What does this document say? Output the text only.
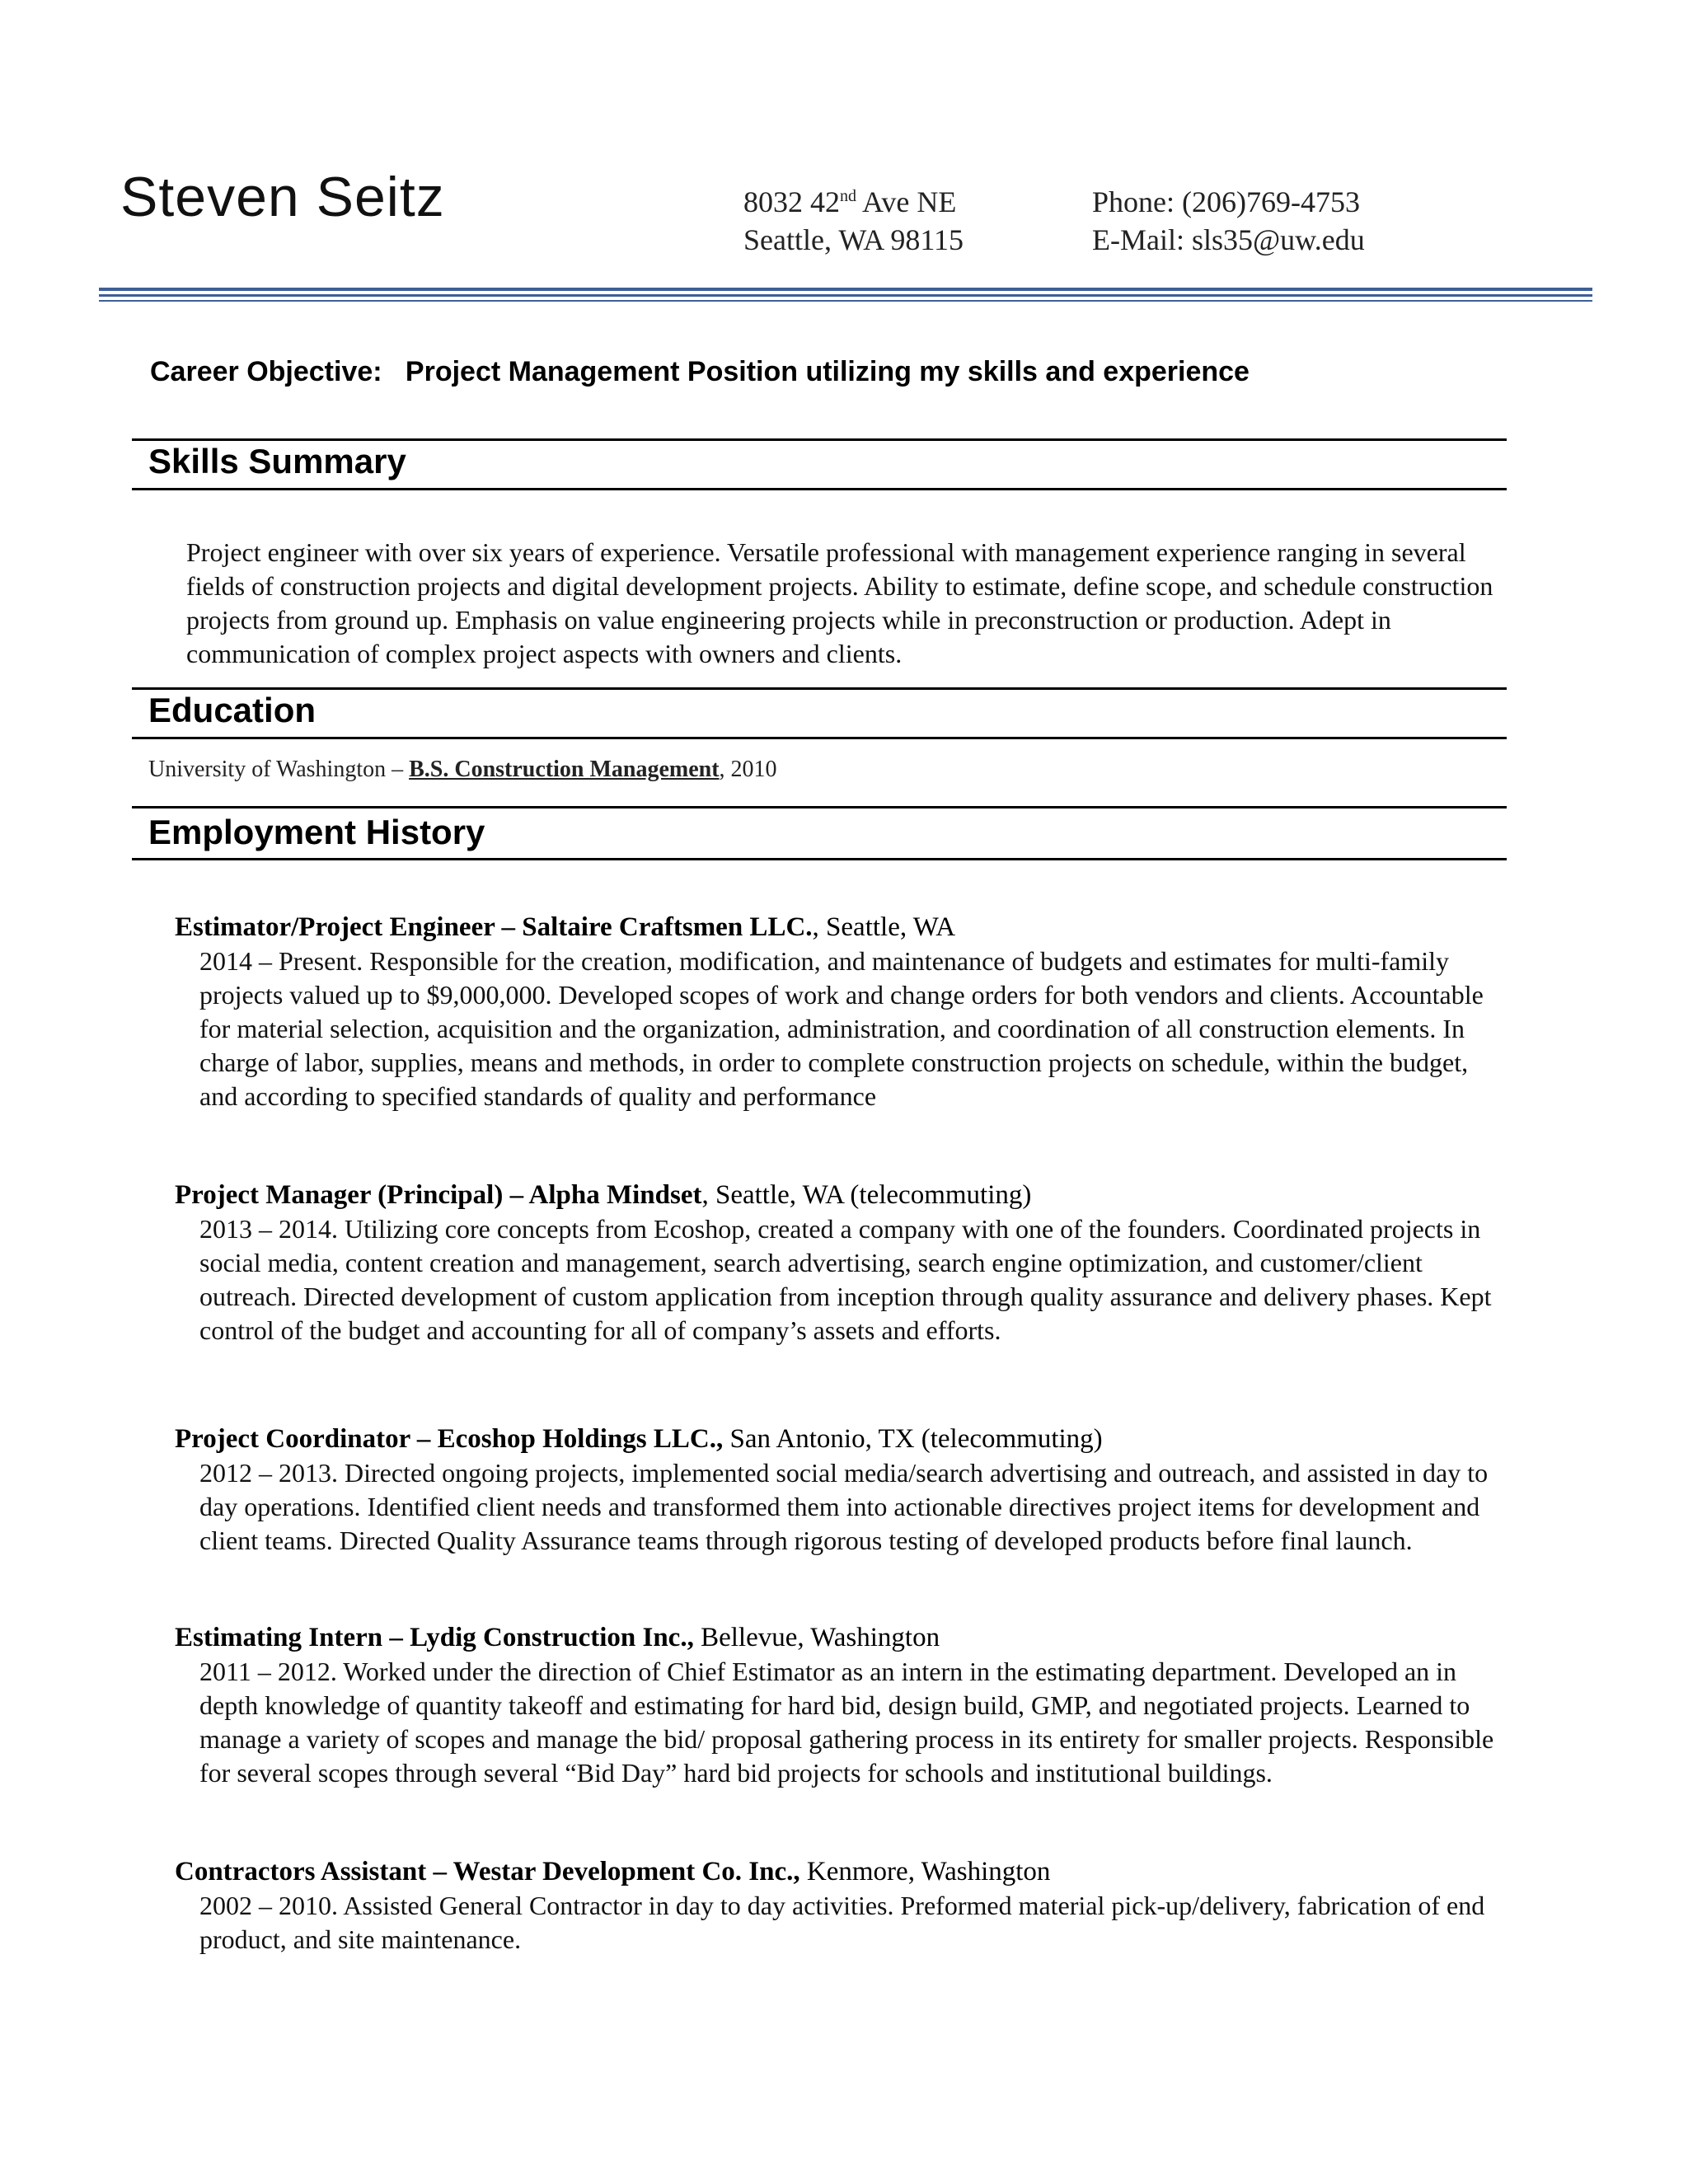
Steven Seitz	8032 42nd Ave NE
Seattle, WA 98115
Phone: (206)769-4753
E-Mail: sls35@uw.edu
Career Objective:   Project Management Position utilizing my skills and experience
Skills Summary
Project engineer with over six years of experience. Versatile professional with management experience ranging in several fields of construction projects and digital development projects. Ability to estimate, define scope, and schedule construction projects from ground up. Emphasis on value engineering projects while in preconstruction or production. Adept in communication of complex project aspects with owners and clients.
Education
University of Washington – B.S. Construction Management, 2010
Employment History
Estimator/Project Engineer – Saltaire Craftsmen LLC., Seattle, WA
2014 – Present. Responsible for the creation, modification, and maintenance of budgets and estimates for multi-family projects valued up to $9,000,000. Developed scopes of work and change orders for both vendors and clients. Accountable for material selection, acquisition and the organization, administration, and coordination of all construction elements. In charge of labor, supplies, means and methods, in order to complete construction projects on schedule, within the budget, and according to specified standards of quality and performance
Project Manager (Principal) – Alpha Mindset, Seattle, WA (telecommuting)
2013 – 2014. Utilizing core concepts from Ecoshop, created a company with one of the founders. Coordinated projects in social media, content creation and management, search advertising, search engine optimization, and customer/client outreach. Directed development of custom application from inception through quality assurance and delivery phases. Kept control of the budget and accounting for all of company’s assets and efforts.
Project Coordinator – Ecoshop Holdings LLC., San Antonio, TX (telecommuting)
2012 – 2013. Directed ongoing projects, implemented social media/search advertising and outreach, and assisted in day to day operations. Identified client needs and transformed them into actionable directives project items for development and client teams. Directed Quality Assurance teams through rigorous testing of developed products before final launch.
Estimating Intern – Lydig Construction Inc., Bellevue, Washington
2011 – 2012. Worked under the direction of Chief Estimator as an intern in the estimating department. Developed an in depth knowledge of quantity takeoff and estimating for hard bid, design build, GMP, and negotiated projects. Learned to manage a variety of scopes and manage the bid/ proposal gathering process in its entirety for smaller projects. Responsible for several scopes through several “Bid Day” hard bid projects for schools and institutional buildings.
Contractors Assistant – Westar Development Co. Inc., Kenmore, Washington
2002 – 2010. Assisted General Contractor in day to day activities. Preformed material pick-up/delivery, fabrication of end product, and site maintenance.
